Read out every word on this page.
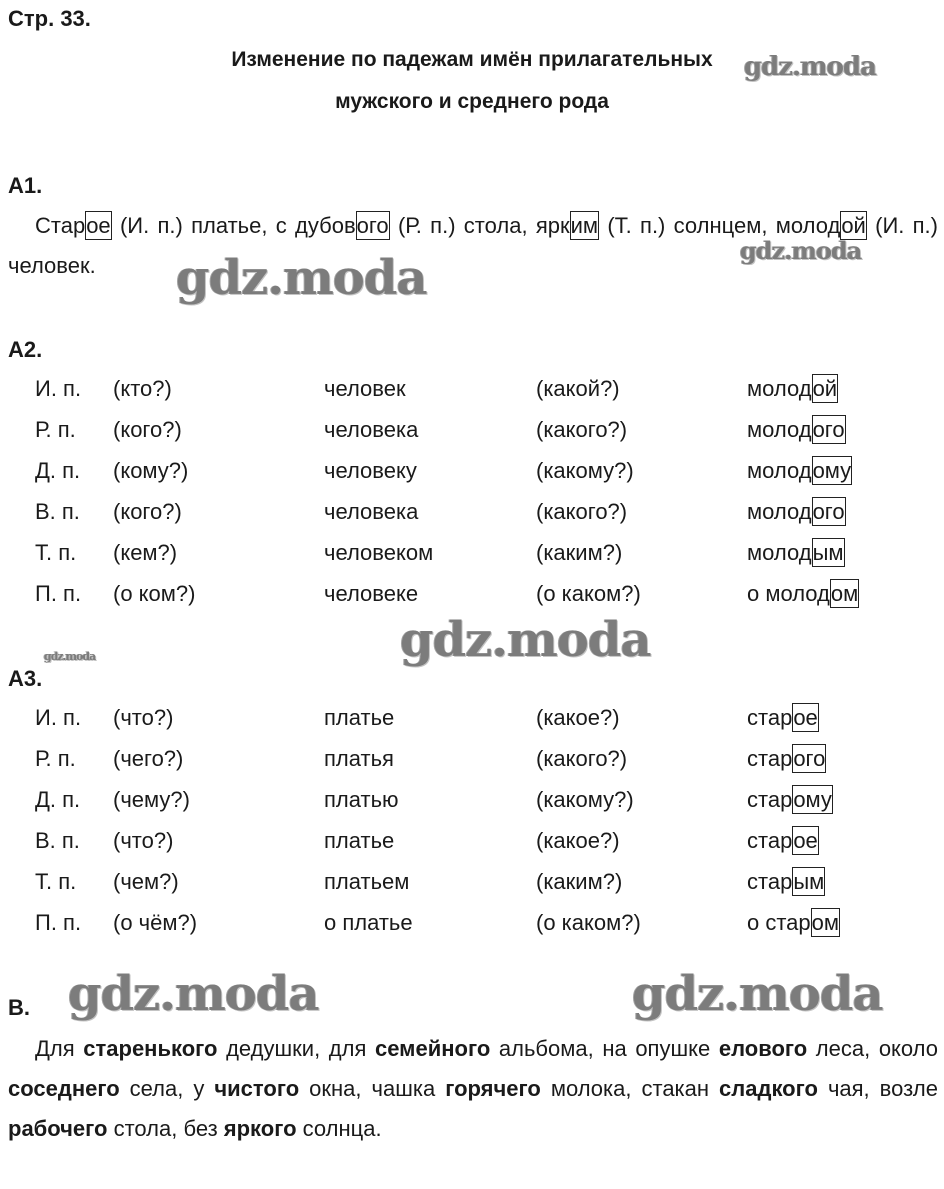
Стр. 33.
Изменение по падежам имён прилагательных
мужского и среднего рода
А1.

Старое (И. п.) платье, с дубового (Р. п.) стола, ярким (Т. п.) солнцем, молодой (И. п.) человек.

А2.
И. п. (кто?)	человек	(какой?)	молодой
Р. п. (кого?)	человека	(какого?)	молодого
Д. п. (кому?)	человеку	(какому?)	молодому
В. п. (кого?)	человека	(какого?)	молодого
Т. п. (кем?)	человеком	(каким?)	молодым
П. п. (о ком?)	человеке	(о каком?)	о молодом
А3.
И. п. (что?)	платье	(какое?)	старое
Р. п. (чего?)	платья	(какого?)	старого
Д. п. (чему?)	платью	(какому?)	старому
В. п. (что?)	платье	(какое?)	старое
Т. п. (чем?)	платьем	(каким?)	старым
П. п. (о чём?)	о платье	(о каком?)	о старом
В.

Для старенького дедушки, для семейного альбома, на опушке елового леса, около соседнего села, у чистого окна, чашка горячего молока, стакан сладкого чая, возле рабочего стола, без яркого солнца.

gdz.moda
gdz.moda
gdz.moda
gdz.moda
gdz.moda
gdz.moda	gdz.moda
